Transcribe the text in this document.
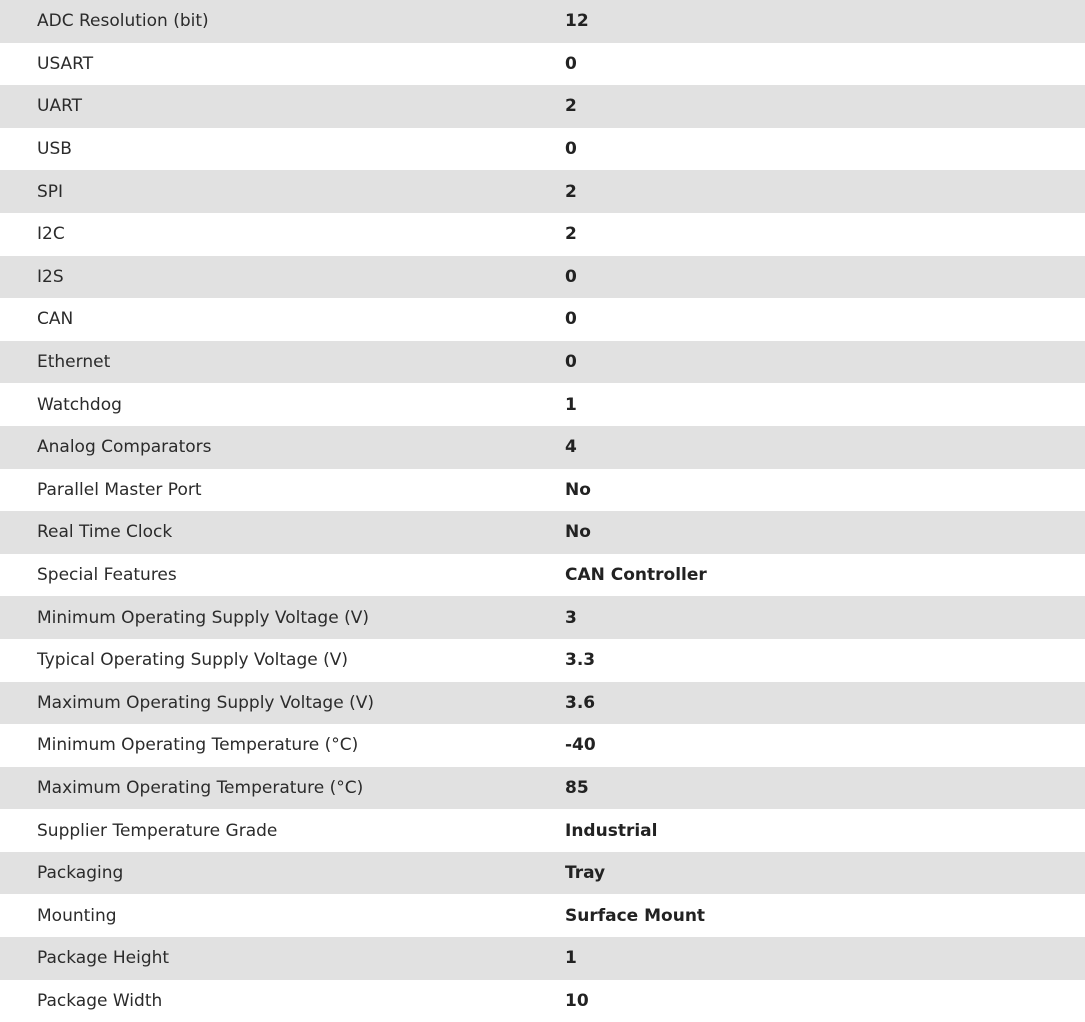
ADC Resolution (bit)	12
USART	0
UART	2
USB	0
SPI	2
I2C	2
I2S	0
CAN	0
Ethernet	0
Watchdog	1
Analog Comparators	4
Parallel Master Port	No
Real Time Clock	No
Special Features	CAN Controller
Minimum Operating Supply Voltage (V)	3
Typical Operating Supply Voltage (V)	3.3
Maximum Operating Supply Voltage (V)	3.6
Minimum Operating Temperature (°C)	-40
Maximum Operating Temperature (°C)	85
Supplier Temperature Grade	Industrial
Packaging	Tray
Mounting	Surface Mount
Package Height	1
Package Width	10
